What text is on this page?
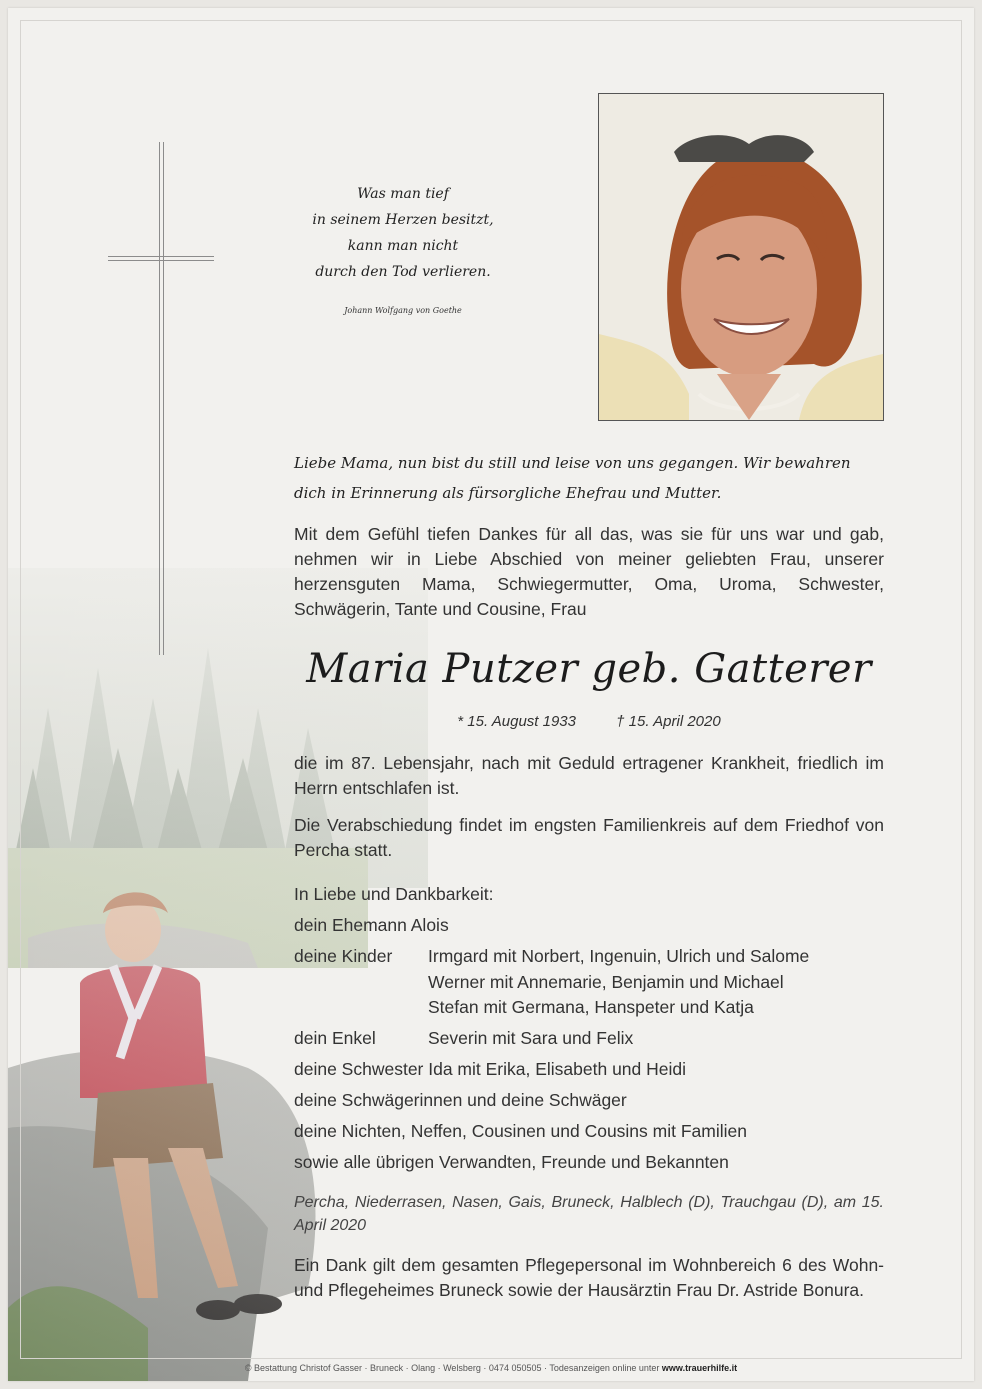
Was man tief
in seinem Herzen besitzt,
kann man nicht
durch den Tod verlieren.
Johann Wolfgang von Goethe
Liebe Mama, nun bist du still und leise von uns gegangen. Wir bewahren dich in Erinnerung als fürsorgliche Ehefrau und Mutter.
Mit dem Gefühl tiefen Dankes für all das, was sie für uns war und gab, nehmen wir in Liebe Abschied von meiner geliebten Frau, unserer herzensguten Mama, Schwiegermutter, Oma, Uroma, Schwester, Schwägerin, Tante und Cousine, Frau
Maria Putzer geb. Gatterer
* 15. August 1933	† 15. April 2020
die im 87. Lebensjahr, nach mit Geduld ertragener Krankheit, friedlich im Herrn entschlafen ist.
Die Verabschiedung findet im engsten Familienkreis auf dem Friedhof von Percha statt.
In Liebe und Dankbarkeit:
dein Ehemann Alois
deine Kinder Irmgard mit Norbert, Ingenuin, Ulrich und Salome
Werner mit Annemarie, Benjamin und Michael
Stefan mit Germana, Hanspeter und Katja
dein Enkel	Severin mit Sara und Felix
deine Schwester Ida mit Erika, Elisabeth und Heidi
deine Schwägerinnen und deine Schwäger
deine Nichten, Neffen, Cousinen und Cousins mit Familien
sowie alle übrigen Verwandten, Freunde und Bekannten
Percha, Niederrasen, Nasen, Gais, Bruneck, Halblech (D), Trauchgau (D), am 15. April 2020
Ein Dank gilt dem gesamten Pflegepersonal im Wohnbereich 6 des Wohn- und Pflegeheimes Bruneck sowie der Hausärztin Frau Dr. Astride Bonura.
© Bestattung Christof Gasser · Bruneck · Olang · Welsberg · 0474 050505 · Todesanzeigen online unter www.trauerhilfe.it
